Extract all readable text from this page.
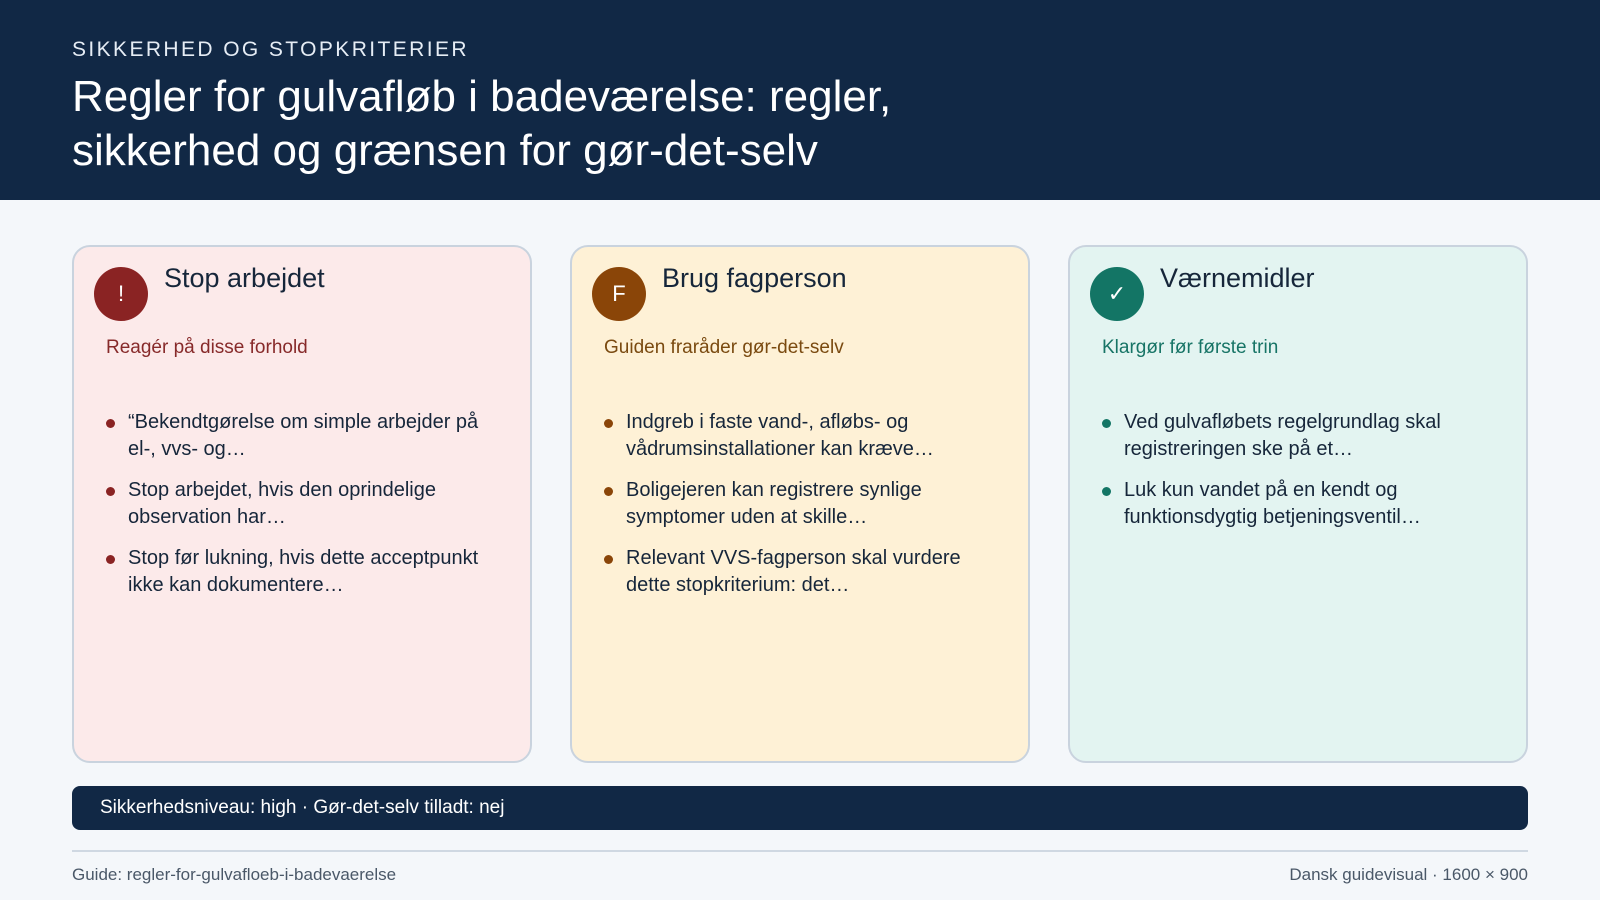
SIKKERHED OG STOPKRITERIER
Regler for gulvafløb i badeværelse: regler, sikkerhed og grænsen for gør-det-selv
!
Stop arbejdet
Reagér på disse forhold
“Bekendtgørelse om simple arbejder på el-, vvs- og…
Stop arbejdet, hvis den oprindelige observation har…
Stop før lukning, hvis dette acceptpunkt ikke kan dokumentere…
F
Brug fagperson
Guiden fraråder gør-det-selv
Indgreb i faste vand-, afløbs- og vådrumsinstallationer kan kræve…
Boligejeren kan registrere synlige symptomer uden at skille…
Relevant VVS-fagperson skal vurdere dette stopkriterium: det…
✓
Værnemidler
Klargør før første trin
Ved gulvafløbets regelgrundlag skal registreringen ske på et…
Luk kun vandet på en kendt og funktionsdygtig betjeningsventil…
Sikkerhedsniveau: high · Gør-det-selv tilladt: nej
Guide: regler-for-gulvafloeb-i-badevaerelse	Dansk guidevisual · 1600 × 900
